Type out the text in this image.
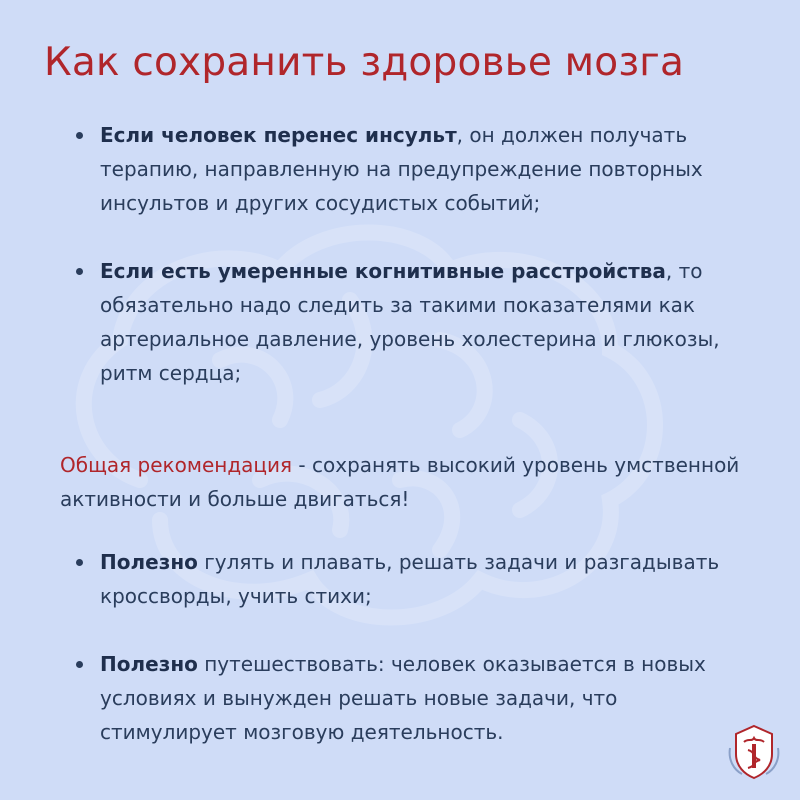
Как сохранить здоровье мозга
Если человек перенес инсульт, он должен получать терапию, направленную на предупреждение повторных инсультов и других сосудистых событий;
Если есть умеренные когнитивные расстройства, то обязательно надо следить за такими показателями как артериальное давление, уровень холестерина и глюкозы, ритм сердца;
Общая рекомендация - сохранять высокий уровень умственной активности и больше двигаться!
Полезно гулять и плавать, решать задачи и разгадывать кроссворды, учить стихи;
Полезно путешествовать: человек оказывается в новых условиях и вынужден решать новые задачи, что стимулирует мозговую деятельность.
